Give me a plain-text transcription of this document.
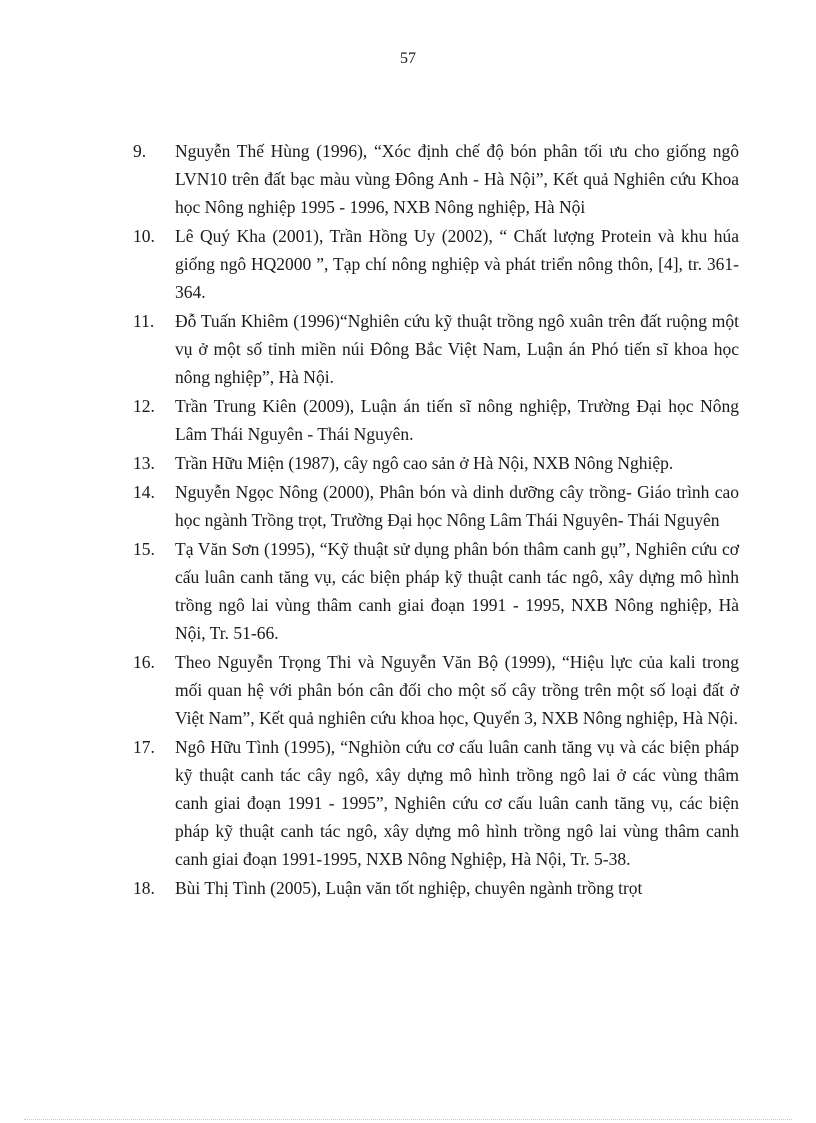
57
9.	Nguyễn Thế Hùng (1996), “Xóc định chế độ bón phân tối ưu cho giống ngô LVN10 trên đất bạc màu vùng Đông Anh - Hà Nội”, Kết quả Nghiên cứu Khoa học Nông nghiệp 1995 - 1996, NXB Nông nghiệp, Hà Nội
10.	Lê Quý Kha (2001), Trần Hồng Uy (2002), “ Chất lượng Protein và khu húa giống ngô HQ2000 ”, Tạp chí nông nghiệp và phát triển nông thôn, [4], tr. 361-364.
11.	Đỗ Tuấn Khiêm (1996)“Nghiên cứu kỹ thuật trồng ngô xuân trên đất ruộng một vụ ở một số tỉnh miền núi Đông Bắc Việt Nam, Luận án Phó tiến sĩ khoa học nông nghiệp”, Hà Nội.
12.	Trần Trung Kiên (2009), Luận án tiến sĩ nông nghiệp, Trường Đại học Nông Lâm Thái Nguyên - Thái Nguyên.
13.	Trần Hữu Miện (1987), cây ngô cao sản ở Hà Nội, NXB Nông Nghiệp.
14.	Nguyễn Ngọc Nông (2000), Phân bón và dinh dưỡng cây trồng- Giáo trình cao học ngành Trồng trọt, Trường Đại học Nông Lâm Thái Nguyên- Thái Nguyên
15.	Tạ Văn Sơn (1995), “Kỹ thuật sử dụng phân bón thâm canh gụ”, Nghiên cứu cơ cấu luân canh tăng vụ, các biện pháp kỹ thuật canh tác ngô, xây dựng mô hình trồng ngô lai vùng thâm canh giai đoạn 1991 - 1995, NXB Nông nghiệp, Hà Nội, Tr. 51-66.
16.	Theo Nguyễn Trọng Thi và Nguyễn Văn Bộ (1999), “Hiệu lực của kali trong mối quan hệ với phân bón cân đối cho một số cây trồng trên một số loại đất ở Việt Nam”, Kết quả nghiên cứu khoa học, Quyển 3, NXB Nông nghiệp, Hà Nội.
17.	Ngô Hữu Tình (1995), “Nghiòn cứu cơ cấu luân canh tăng vụ và các biện pháp kỹ thuật canh tác cây ngô, xây dựng mô hình trồng ngô lai ở các vùng thâm canh giai đoạn 1991 - 1995”, Nghiên cứu cơ cấu luân canh tăng vụ, các biện pháp kỹ thuật canh tác ngô, xây dựng mô hình trồng ngô lai vùng thâm canh canh giai đoạn 1991-1995, NXB Nông Nghiệp, Hà Nội, Tr. 5-38.
18.	Bùi Thị Tình (2005), Luận văn tốt nghiệp, chuyên ngành trồng trọt
